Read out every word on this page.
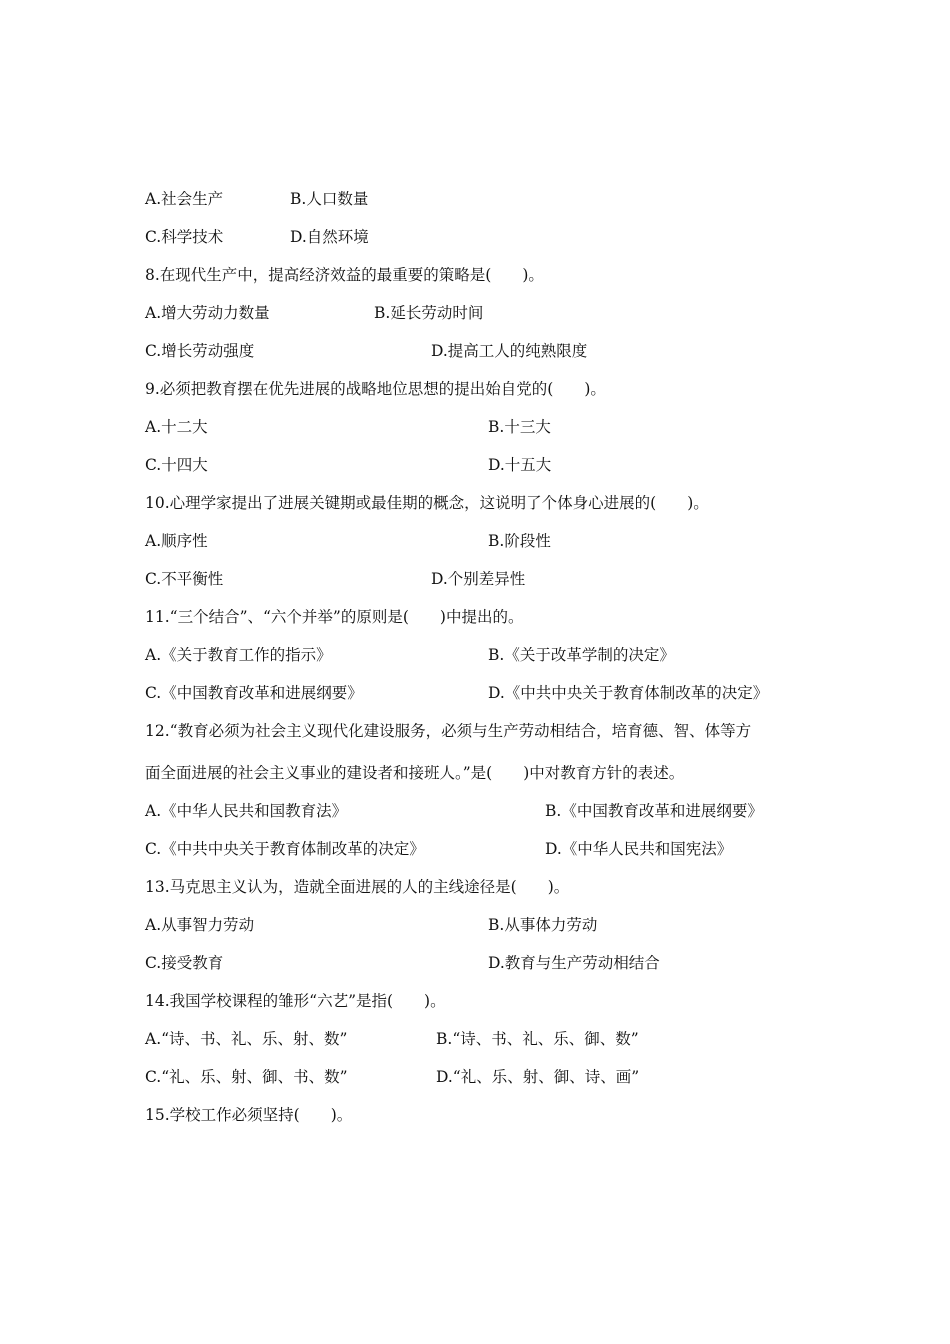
A.社会生产	B.人口数量
C.科学技术	D.自然环境
8.在现代生产中，提高经济效益的最重要的策略是(　　)。
A.增大劳动力数量	B.延长劳动时间
C.增长劳动强度	D.提高工人的纯熟限度
9.必须把教育摆在优先进展的战略地位思想的提出始自党的(　　)。
A.十二大	B.十三大
C.十四大	D.十五大
10.心理学家提出了进展关键期或最佳期的概念，这说明了个体身心进展的(　　)。
A.顺序性	B.阶段性
C.不平衡性	D.个别差异性
11.“三个结合”、“六个并举”的原则是(　　)中提出的。
A.《关于教育工作的指示》	B.《关于改革学制的决定》
C.《中国教育改革和进展纲要》	D.《中共中央关于教育体制改革的决定》
12.“教育必须为社会主义现代化建设服务，必须与生产劳动相结合，培育德、智、体等方
面全面进展的社会主义事业的建设者和接班人。”是(　　)中对教育方针的表述。
A.《中华人民共和国教育法》	B.《中国教育改革和进展纲要》
C.《中共中央关于教育体制改革的决定》	D.《中华人民共和国宪法》
13.马克思主义认为，造就全面进展的人的主线途径是(　　)。
A.从事智力劳动	B.从事体力劳动
C.接受教育	D.教育与生产劳动相结合
14.我国学校课程的雏形“六艺”是指(　　)。
A.“诗、书、礼、乐、射、数”	B.“诗、书、礼、乐、御、数”
C.“礼、乐、射、御、书、数”	D.“礼、乐、射、御、诗、画”
15.学校工作必须坚持(　　)。
